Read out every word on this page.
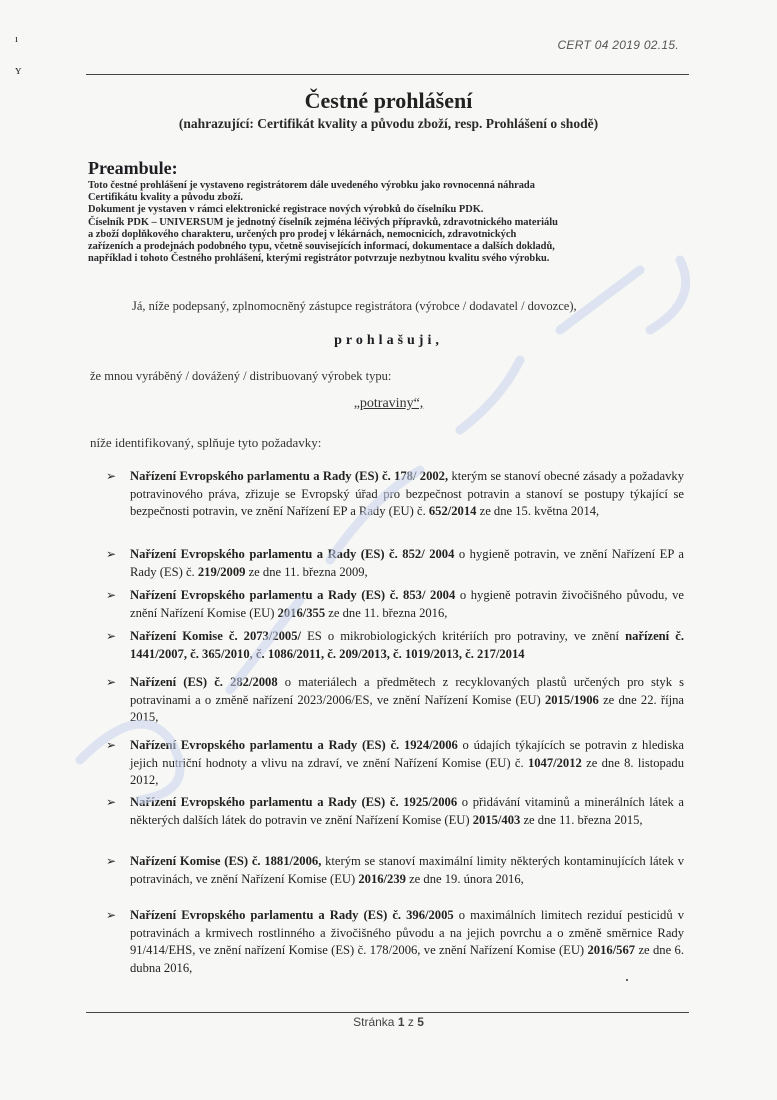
ı
ʏ
CERT 04 2019 02.15.
Čestné prohlášení
(nahrazující: Certifikát kvality a původu zboží, resp. Prohlášení o shodě)
Preambule:
Toto čestné prohlášení je vystaveno registrátorem dále uvedeného výrobku jako rovnocenná náhrada
Certifikátu kvality a původu zboží.
Dokument je vystaven v rámci elektronické registrace nových výrobků do číselníku PDK.
Číselník PDK – UNIVERSUM je jednotný číselník zejména léčivých přípravků, zdravotnického materiálu
a zboží doplňkového charakteru, určených pro prodej v lékárnách, nemocnicích, zdravotnických
zařízeních a prodejnách podobného typu, včetně souvisejících informací, dokumentace a dalších dokladů,
například i tohoto Čestného prohlášení, kterými registrátor potvrzuje nezbytnou kvalitu svého výrobku.
Já, níže podepsaný, zplnomocněný zástupce registrátora (výrobce / dodavatel / dovozce),
prohlašuji,
že mnou vyráběný / dovážený / distribuovaný výrobek typu:
„potraviny“,
níže identifikovaný, splňuje tyto požadavky:
➢ Nařízení Evropského parlamentu a Rady (ES) č. 178/ 2002, kterým se stanoví obecné zásady a požadavky potravinového práva, zřizuje se Evropský úřad pro bezpečnost potravin a stanoví se postupy týkající se bezpečnosti potravin, ve znění Nařízení EP a Rady (EU) č. 652/2014 ze dne 15. května 2014,
➢ Nařízení Evropského parlamentu a Rady (ES) č. 852/ 2004 o hygieně potravin, ve znění Nařízení EP a Rady (ES) č. 219/2009 ze dne 11. března 2009,
➢ Nařízení Evropského parlamentu a Rady (ES) č. 853/ 2004 o hygieně potravin živočišného původu, ve znění Nařízení Komise (EU) 2016/355 ze dne 11. března 2016,
➢ Nařízení Komise č. 2073/2005/ ES o mikrobiologických kritériích pro potraviny, ve znění nařízení č. 1441/2007, č. 365/2010, č. 1086/2011, č. 209/2013, č. 1019/2013, č. 217/2014
➢ Nařízení (ES) č. 282/2008 o materiálech a předmětech z recyklovaných plastů určených pro styk s potravinami a o změně nařízení 2023/2006/ES, ve znění Nařízení Komise (EU) 2015/1906 ze dne 22. října 2015,
➢ Nařízení Evropského parlamentu a Rady (ES) č. 1924/2006 o údajích týkajících se potravin z hlediska jejich nutriční hodnoty a vlivu na zdraví, ve znění Nařízení Komise (EU) č. 1047/2012 ze dne 8. listopadu 2012,
➢ Nařízení Evropského parlamentu a Rady (ES) č. 1925/2006 o přidávání vitaminů a minerálních látek a některých dalších látek do potravin ve znění Nařízení Komise (EU) 2015/403 ze dne 11. března 2015,
➢ Nařízení Komise (ES) č. 1881/2006, kterým se stanoví maximální limity některých kontaminujících látek v potravinách, ve znění Nařízení Komise (EU) 2016/239 ze dne 19. února 2016,
➢ Nařízení Evropského parlamentu a Rady (ES) č. 396/2005 o maximálních limitech reziduí pesticidů v potravinách a krmivech rostlinného a živočišného původu a na jejich povrchu a o změně směrnice Rady 91/414/EHS, ve znění nařízení Komise (ES) č. 178/2006, ve znění Nařízení Komise (EU) 2016/567 ze dne 6. dubna 2016,
Stránka 1 z 5
